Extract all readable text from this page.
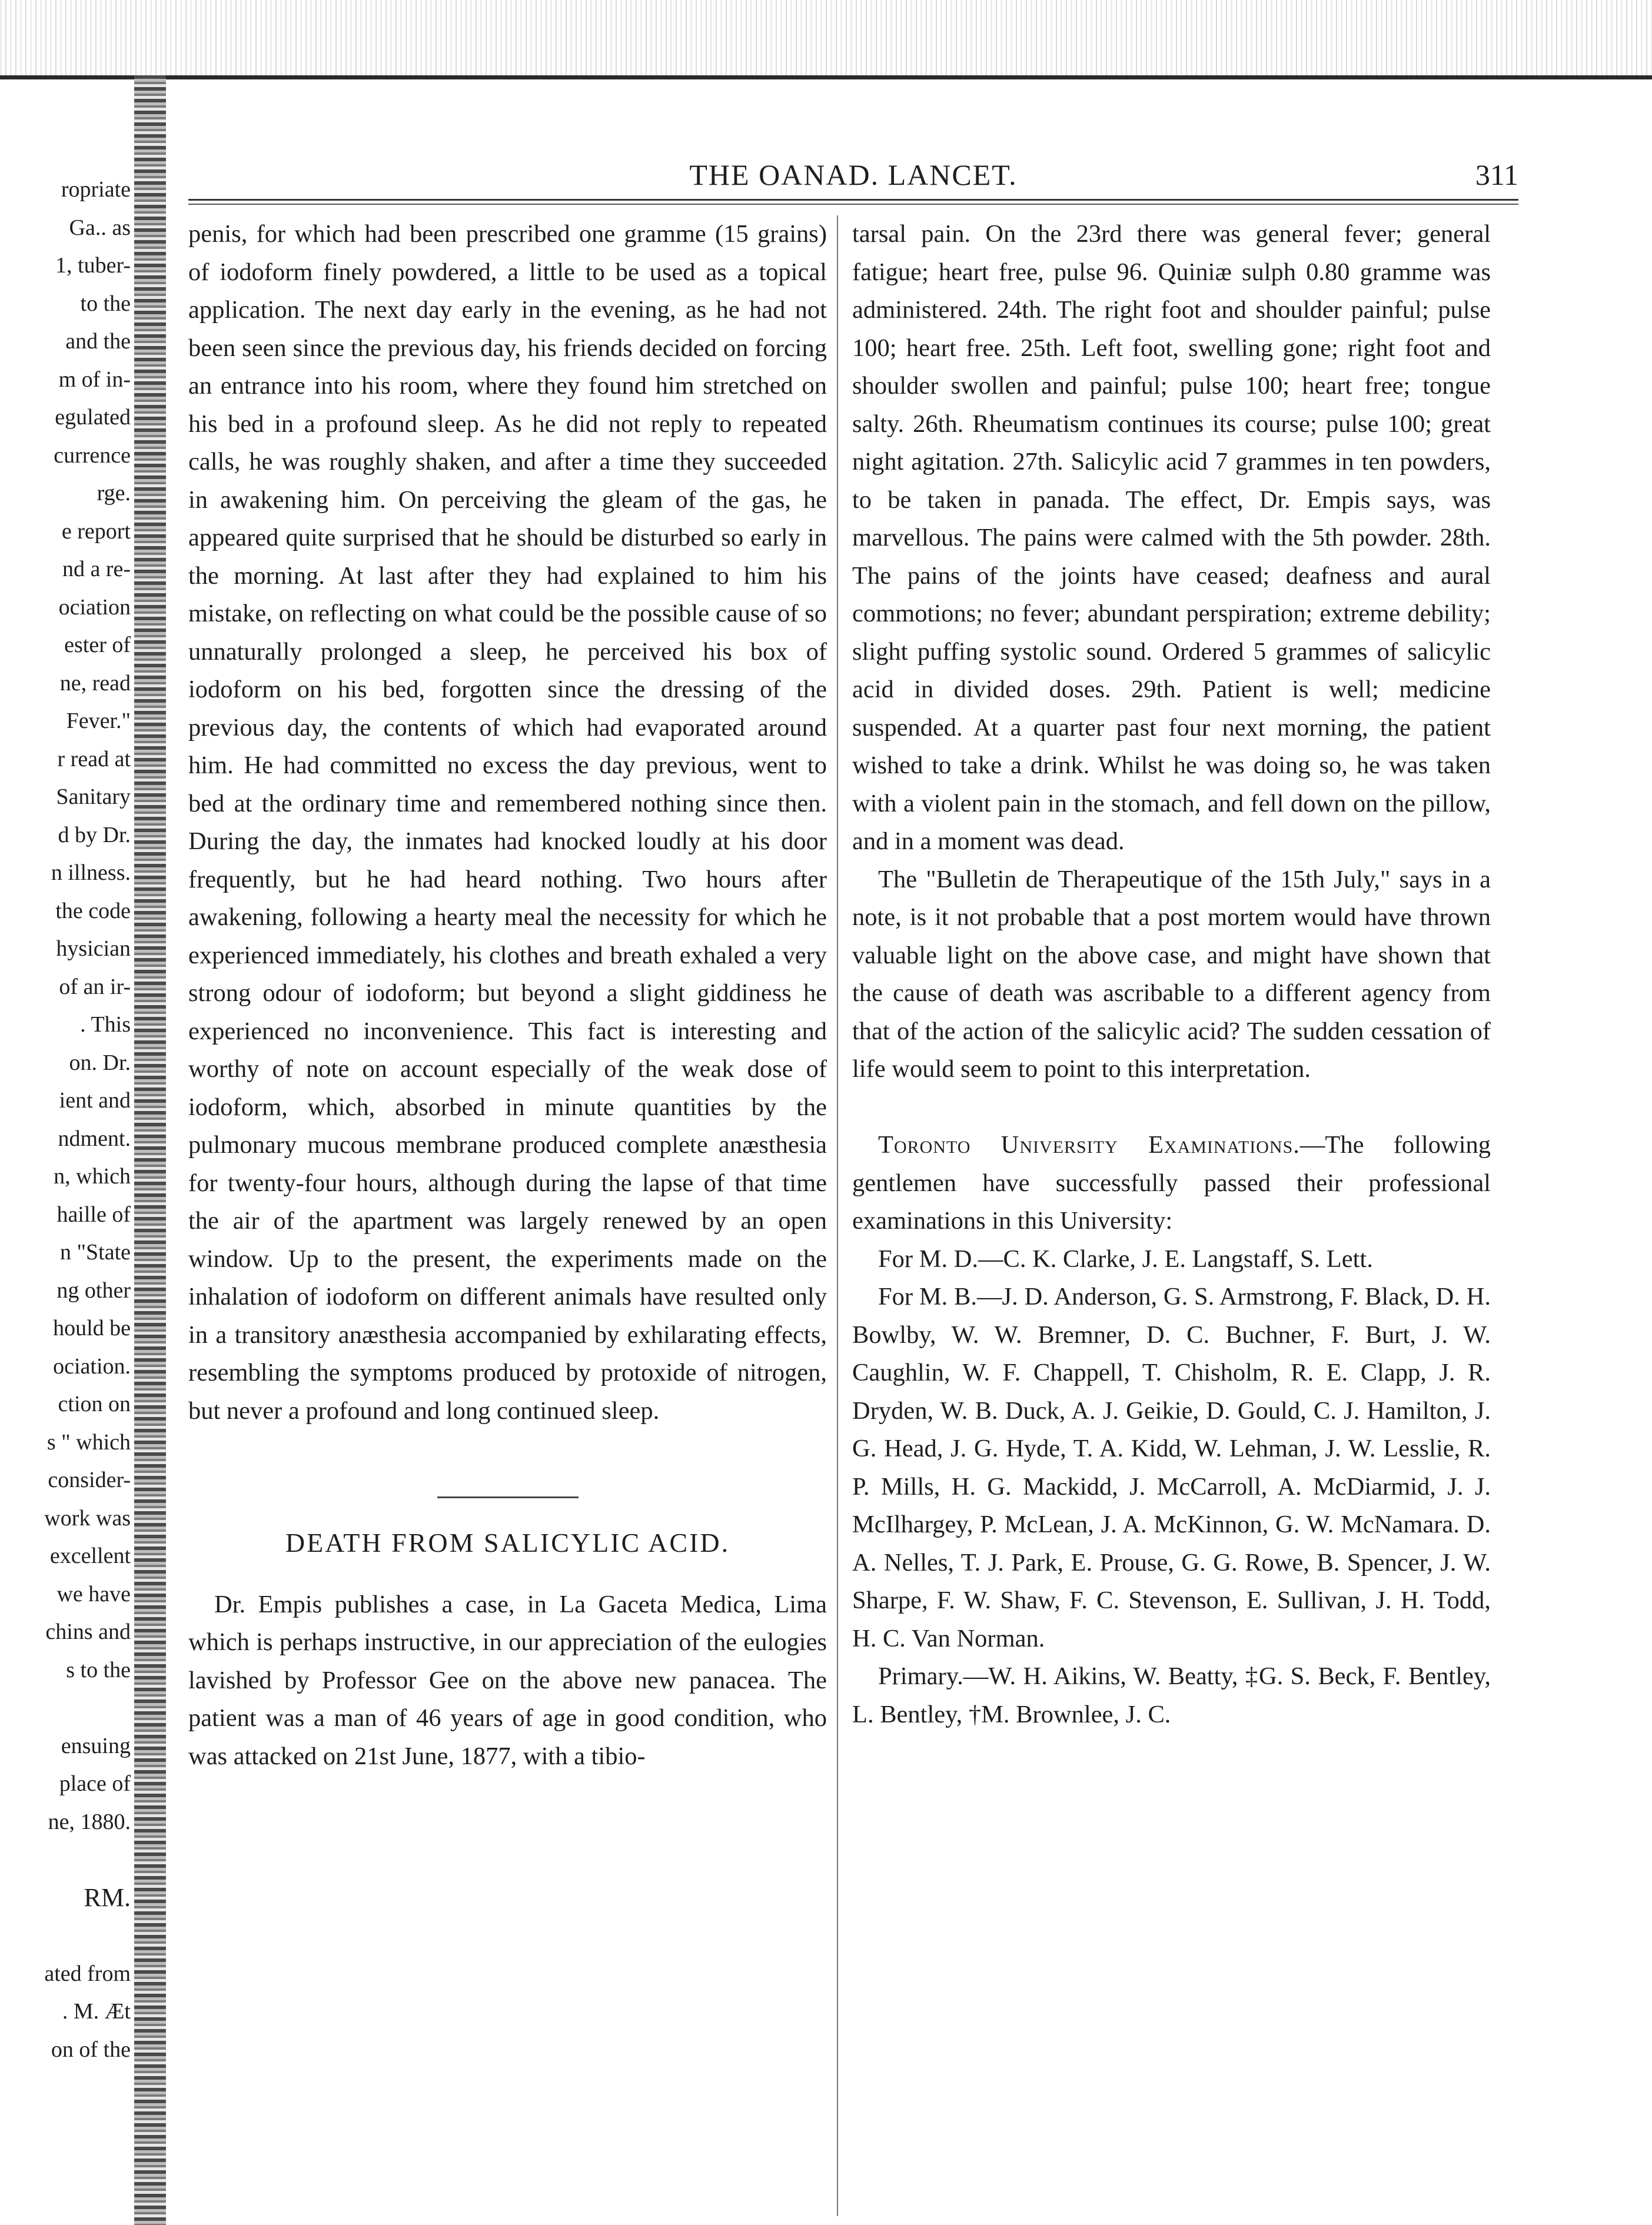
ropriate
Ga.. as
1, tuber-
to the
and the
m of in-
egulated
currence
rge.
e report
nd a re-
ociation
ester of
ne, read
Fever."
r read at
Sanitary
d by Dr.
n illness.
the code
hysician
of an ir-
. This
on. Dr.
ient and
ndment.
n, which
haille of
n "State
ng other
hould be
ociation.
ction on
s " which
consider-
work was
excellent
we have
chins and
s to the
ensuing
place of
ne, 1880.
RM.
ated from
. M. Æt
on of the
THE OANAD. LANCET.	311

penis, for which had been prescribed one gramme (15 grains) of iodoform finely powdered, a little to be used as a topical application. The next day early in the evening, as he had not been seen since the previous day, his friends decided on forcing an entrance into his room, where they found him stretched on his bed in a profound sleep. As he did not reply to repeated calls, he was roughly shaken, and after a time they succeeded in awakening him. On perceiving the gleam of the gas, he appeared quite surprised that he should be disturbed so early in the morning. At last after they had explained to him his mistake, on reflecting on what could be the possible cause of so unnaturally prolonged a sleep, he perceived his box of iodoform on his bed, forgotten since the dressing of the previous day, the contents of which had evaporated around him. He had committed no excess the day previous, went to bed at the ordinary time and remembered nothing since then. During the day, the inmates had knocked loudly at his door frequently, but he had heard nothing. Two hours after awakening, following a hearty meal the necessity for which he experienced immediately, his clothes and breath exhaled a very strong odour of iodoform; but beyond a slight giddiness he experienced no inconvenience. This fact is interesting and worthy of note on account especially of the weak dose of iodoform, which, absorbed in minute quantities by the pulmonary mucous membrane produced complete anæsthesia for twenty-four hours, although during the lapse of that time the air of the apartment was largely renewed by an open window. Up to the present, the experiments made on the inhalation of iodoform on different animals have resulted only in a transitory anæsthesia accompanied by exhilarating effects, resembling the symptoms produced by protoxide of nitrogen, but never a profound and long continued sleep.

DEATH FROM SALICYLIC ACID.

Dr. Empis publishes a case, in La Gaceta Medica, Lima which is perhaps instructive, in our appreciation of the eulogies lavished by Professor Gee on the above new panacea. The patient was a man of 46 years of age in good condition, who was attacked on 21st June, 1877, with a tibio-

tarsal pain. On the 23rd there was general fever; general fatigue; heart free, pulse 96. Quiniæ sulph 0.80 gramme was administered. 24th. The right foot and shoulder painful; pulse 100; heart free. 25th. Left foot, swelling gone; right foot and shoulder swollen and painful; pulse 100; heart free; tongue salty. 26th. Rheumatism continues its course; pulse 100; great night agitation. 27th. Salicylic acid 7 grammes in ten powders, to be taken in panada. The effect, Dr. Empis says, was marvellous. The pains were calmed with the 5th powder. 28th. The pains of the joints have ceased; deafness and aural commotions; no fever; abundant perspiration; extreme debility; slight puffing systolic sound. Ordered 5 grammes of salicylic acid in divided doses. 29th. Patient is well; medicine suspended. At a quarter past four next morning, the patient wished to take a drink. Whilst he was doing so, he was taken with a violent pain in the stomach, and fell down on the pillow, and in a moment was dead.

The "Bulletin de Therapeutique of the 15th July," says in a note, is it not probable that a post mortem would have thrown valuable light on the above case, and might have shown that the cause of death was ascribable to a different agency from that of the action of the salicylic acid? The sudden cessation of life would seem to point to this interpretation.

Toronto University Examinations.—The following gentlemen have successfully passed their professional examinations in this University:

For M. D.—C. K. Clarke, J. E. Langstaff, S. Lett.

For M. B.—J. D. Anderson, G. S. Armstrong, F. Black, D. H. Bowlby, W. W. Bremner, D. C. Buchner, F. Burt, J. W. Caughlin, W. F. Chappell, T. Chisholm, R. E. Clapp, J. R. Dryden, W. B. Duck, A. J. Geikie, D. Gould, C. J. Hamilton, J. G. Head, J. G. Hyde, T. A. Kidd, W. Lehman, J. W. Lesslie, R. P. Mills, H. G. Mackidd, J. McCarroll, A. McDiarmid, J. J. McIlhargey, P. McLean, J. A. McKinnon, G. W. McNamara. D. A. Nelles, T. J. Park, E. Prouse, G. G. Rowe, B. Spencer, J. W. Sharpe, F. W. Shaw, F. C. Stevenson, E. Sullivan, J. H. Todd, H. C. Van Norman.

Primary.—W. H. Aikins, W. Beatty, ‡G. S. Beck, F. Bentley, L. Bentley, †M. Brownlee, J. C.
